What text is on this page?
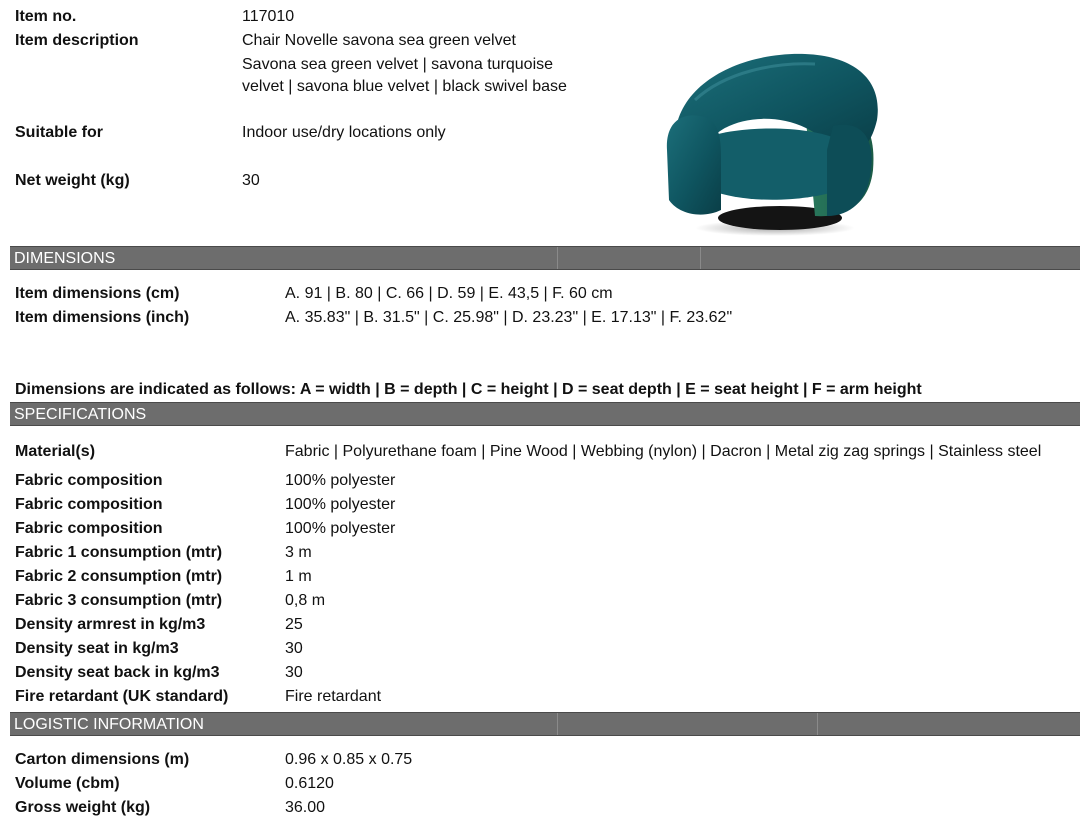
Item no.	117010
Item description	Chair Novelle savona sea green velvet
Savona sea green velvet | savona turquoise
velvet | savona blue velvet | black swivel base
Suitable for	Indoor use/dry locations only
Net weight (kg)	30
DIMENSIONS
Item dimensions (cm)	A. 91 | B. 80 | C. 66 | D. 59 | E. 43,5 | F. 60 cm
Item dimensions (inch)	A. 35.83" | B. 31.5" | C. 25.98" | D. 23.23" | E. 17.13" | F. 23.62"
Dimensions are indicated as follows: A = width | B = depth | C = height | D = seat depth | E = seat height | F = arm height
SPECIFICATIONS
Material(s)	Fabric | Polyurethane foam | Pine Wood | Webbing (nylon) | Dacron | Metal zig zag springs | Stainless steel
Fabric composition	100% polyester
Fabric composition	100% polyester
Fabric composition	100% polyester
Fabric 1 consumption (mtr)	3 m
Fabric 2 consumption (mtr)	1 m
Fabric 3 consumption (mtr)	0,8 m
Density armrest in kg/m3	25
Density seat in kg/m3	30
Density seat back in kg/m3	30
Fire retardant (UK standard)	Fire retardant
LOGISTIC INFORMATION
Carton dimensions (m)	0.96 x 0.85 x 0.75
Volume (cbm)	0.6120
Gross weight (kg)	36.00
